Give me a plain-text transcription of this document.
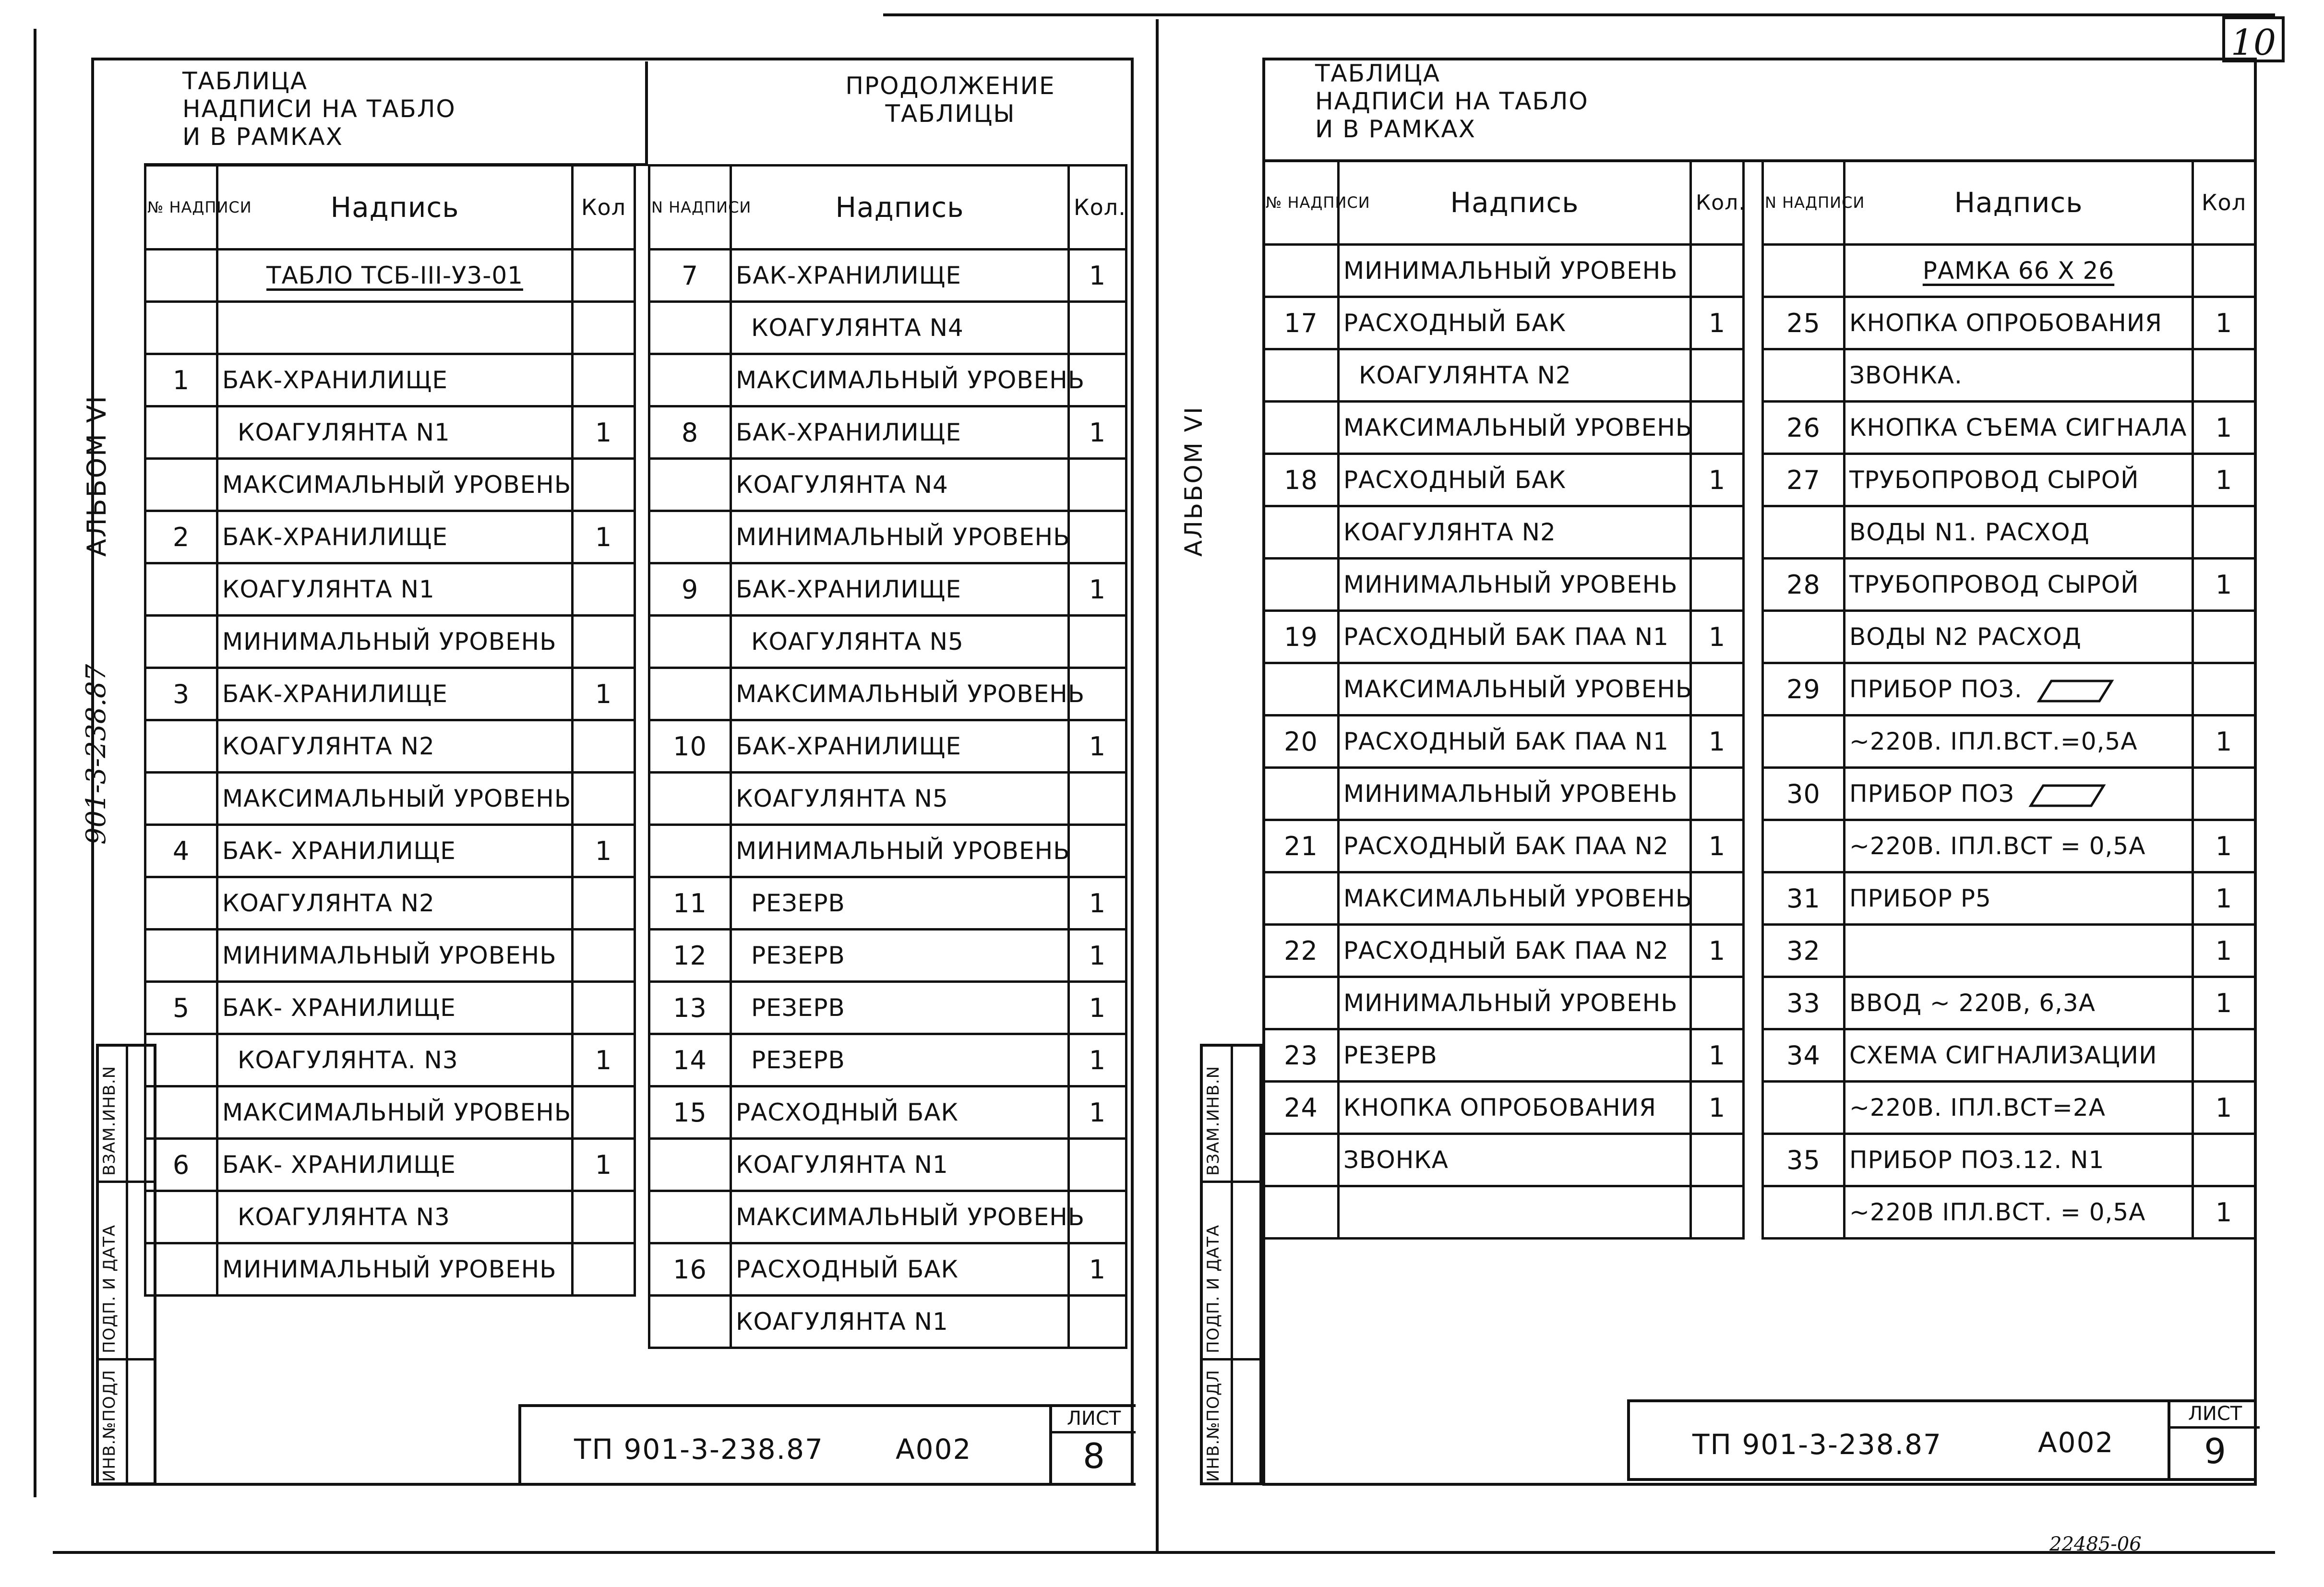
10
ТАБЛИЦА
НАДПИСИ НА ТАБЛО
И В РАМКАХ
ПРОДОЛЖЕНИЕ
ТАБЛИЦЫ
№ НАДПИСИ	Надпись	Кол
	ТАБЛО ТСБ-III-У3-01	

1	БАК-ХРАНИЛИЩЕ	
	КОАГУЛЯНТА N1	1
	МАКСИМАЛЬНЫЙ УРОВЕНЬ	
2	БАК-ХРАНИЛИЩЕ	1
	КОАГУЛЯНТА N1	
	МИНИМАЛЬНЫЙ УРОВЕНЬ	
3	БАК-ХРАНИЛИЩЕ	1
	КОАГУЛЯНТА N2	
	МАКСИМАЛЬНЫЙ УРОВЕНЬ	
4	БАК- ХРАНИЛИЩЕ	1
	КОАГУЛЯНТА N2	
	МИНИМАЛЬНЫЙ УРОВЕНЬ	
5	БАК- ХРАНИЛИЩЕ	
	КОАГУЛЯНТА. N3	1
	МАКСИМАЛЬНЫЙ УРОВЕНЬ	
6	БАК- ХРАНИЛИЩЕ	1
	КОАГУЛЯНТА N3	
	МИНИМАЛЬНЫЙ УРОВЕНЬ	
N НАДПИСИ	Надпись	Кол.
7	БАК-ХРАНИЛИЩЕ	1
	КОАГУЛЯНТА N4	
	МАКСИМАЛЬНЫЙ УРОВЕНЬ	
8	БАК-ХРАНИЛИЩЕ	1
	КОАГУЛЯНТА N4	
	МИНИМАЛЬНЫЙ УРОВЕНЬ	
9	БАК-ХРАНИЛИЩЕ	1
	КОАГУЛЯНТА N5	
	МАКСИМАЛЬНЫЙ УРОВЕНЬ	
10	БАК-ХРАНИЛИЩЕ	1
	КОАГУЛЯНТА N5	
	МИНИМАЛЬНЫЙ УРОВЕНЬ	
11	РЕЗЕРВ	1
12	РЕЗЕРВ	1
13	РЕЗЕРВ	1
14	РЕЗЕРВ	1
15	РАСХОДНЫЙ БАК	1
	КОАГУЛЯНТА N1	
	МАКСИМАЛЬНЫЙ УРОВЕНЬ	
16	РАСХОДНЫЙ БАК	1
	КОАГУЛЯНТА N1	
АЛЬБОМ VI
901-3-238.87
ИНВ.№ПОДЛ
ПОДП. И ДАТА
ВЗАМ.ИНВ.N
ТП 901-3-238.87	А002
ЛИСТ
8
ТАБЛИЦА
НАДПИСИ НА ТАБЛО
И В РАМКАХ
№ НАДПИСИ	Надпись	Кол.
	МИНИМАЛЬНЫЙ УРОВЕНЬ	
17	РАСХОДНЫЙ БАК	1
	КОАГУЛЯНТА N2	
	МАКСИМАЛЬНЫЙ УРОВЕНЬ	
18	РАСХОДНЫЙ БАК	1
	КОАГУЛЯНТА N2	
	МИНИМАЛЬНЫЙ УРОВЕНЬ	
19	РАСХОДНЫЙ БАК ПАА N1	1
	МАКСИМАЛЬНЫЙ УРОВЕНЬ	
20	РАСХОДНЫЙ БАК ПАА N1	1
	МИНИМАЛЬНЫЙ УРОВЕНЬ	
21	РАСХОДНЫЙ БАК ПАА N2	1
	МАКСИМАЛЬНЫЙ УРОВЕНЬ	
22	РАСХОДНЫЙ БАК ПАА N2	1
	МИНИМАЛЬНЫЙ УРОВЕНЬ	
23	РЕЗЕРВ	1
24	КНОПКА ОПРОБОВАНИЯ	1
	ЗВОНКА	

N НАДПИСИ	Надпись	Кол
	РАМКА 66 X 26	
25	КНОПКА ОПРОБОВАНИЯ	1
	ЗВОНКА.	
26	КНОПКА СЪЕМА СИГНАЛА	1
27	ТРУБОПРОВОД СЫРОЙ	1
	ВОДЫ N1. РАСХОД	
28	ТРУБОПРОВОД СЫРОЙ	1
	ВОДЫ N2 РАСХОД	
29	ПРИБОР ПОЗ.	
	~220В. IПЛ.ВСТ.=0,5А	1
30	ПРИБОР ПОЗ	
	~220В. IПЛ.ВСТ = 0,5А	1
31	ПРИБОР Р5	1
32		1
33	ВВОД ~ 220В, 6,3А	1
34	СХЕМА СИГНАЛИЗАЦИИ	
	~220В. IПЛ.ВСТ=2А	1
35	ПРИБОР ПОЗ.12. N1	
	~220В IПЛ.ВСТ. = 0,5А	1
АЛЬБОМ VI
ИНВ.№ПОДЛ
ПОДП. И ДАТА
ВЗАМ.ИНВ.N
ТП 901-3-238.87	А002
ЛИСТ
9
22485-06
